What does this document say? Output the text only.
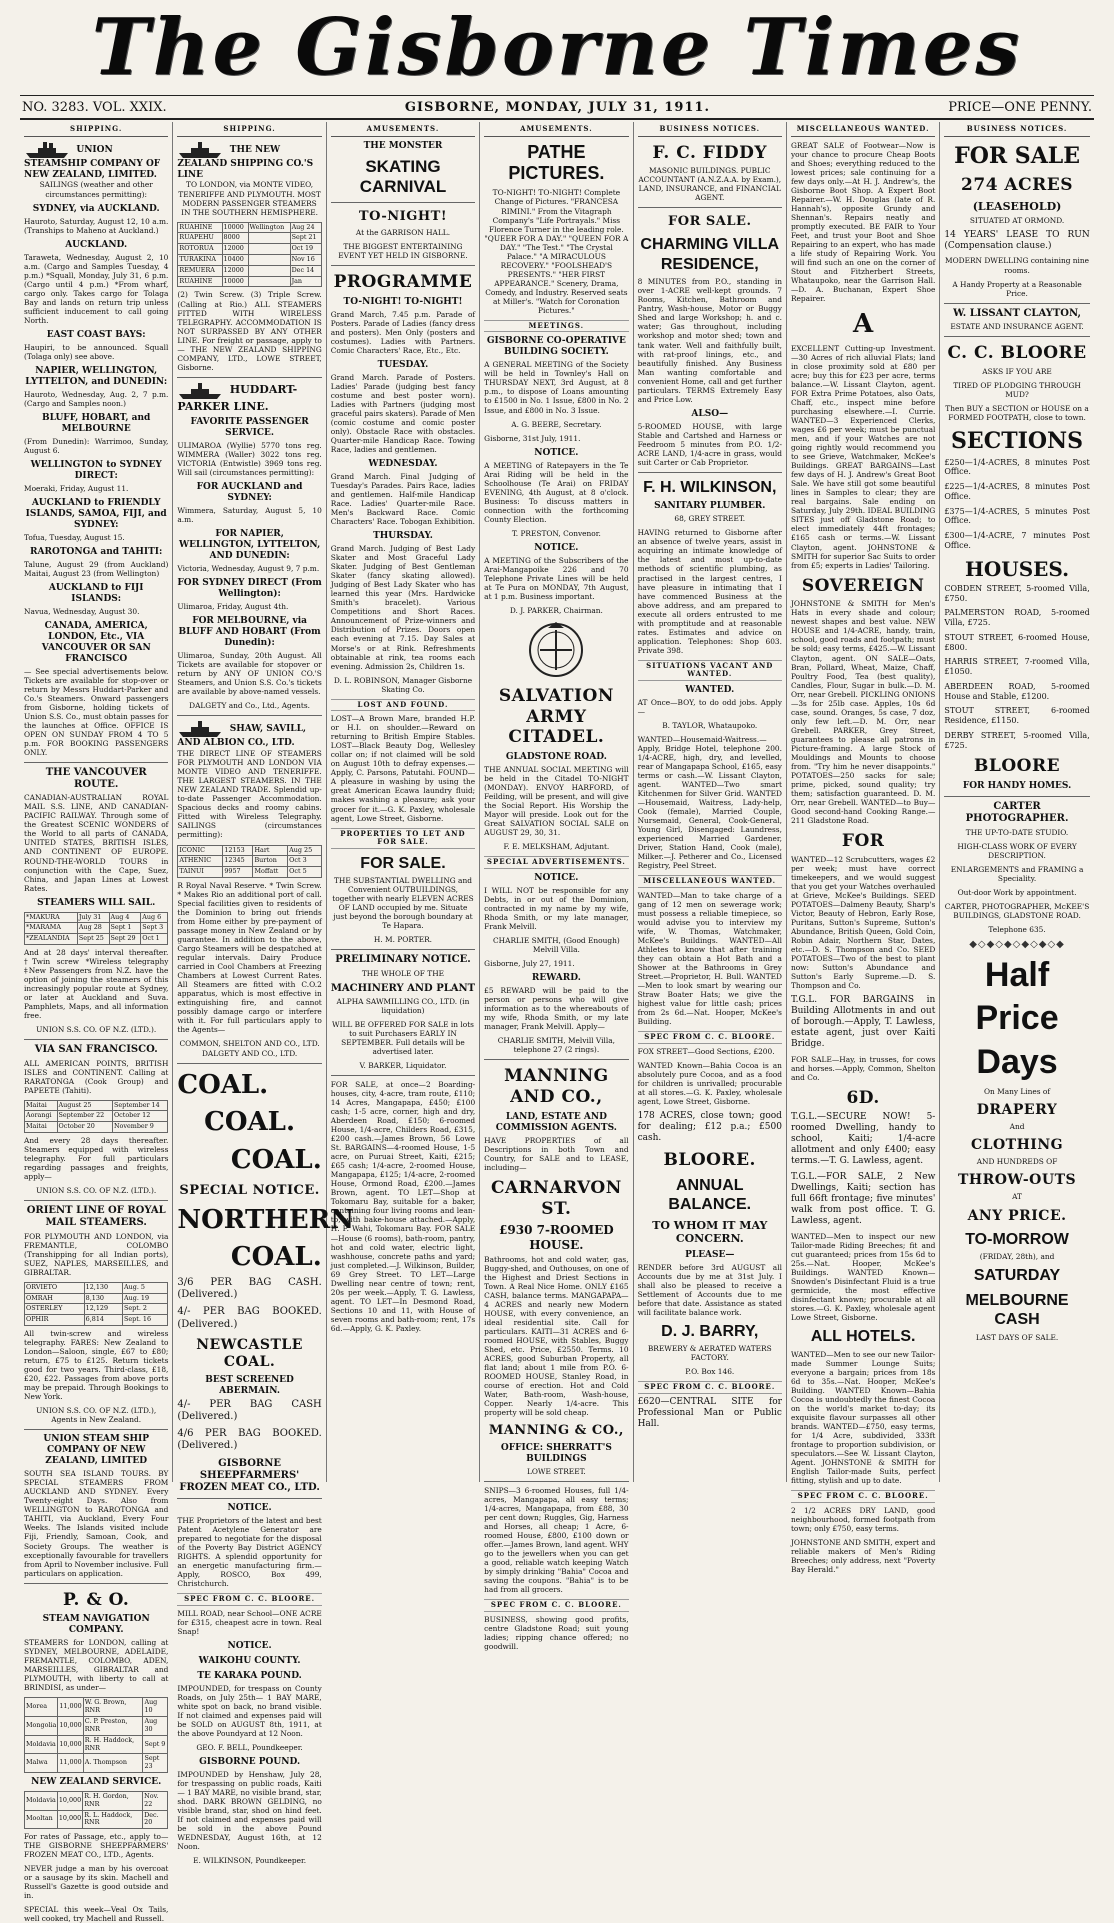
The Gisborne Times
NO. 3283. VOL. XXIX.	GISBORNE, MONDAY, JULY 31, 1911.	PRICE—ONE PENNY.
SHIPPING.
UNION STEAMSHIP COMPANY OF NEW ZEALAND, LIMITED.
SAILINGS (weather and other circumstances permitting):
SYDNEY, via AUCKLAND.
Hauroto, Saturday, August 12, 10 a.m. (Tranships to Maheno at Auckland.)
AUCKLAND.
Taraweta, Wednesday, August 2, 10 a.m. (Cargo and Samples Tuesday, 4 p.m.) *Squall, Monday, July 31, 6 p.m. (Cargo until 4 p.m.) *From wharf, cargo only. Takes cargo for Tolaga Bay and lands on return trip unless sufficient inducement to call going North.
EAST COAST BAYS:
Haupiri, to be announced. Squall (Tolaga only) see above.
NAPIER, WELLINGTON, LYTTELTON, and DUNEDIN:
Hauroto, Wednesday, Aug. 2, 7 p.m. (Cargo and Samples noon.)
BLUFF, HOBART, and MELBOURNE
(From Dunedin): Warrimoo, Sunday, August 6.
WELLINGTON to SYDNEY DIRECT:
Moeraki, Friday, August 11.
AUCKLAND to FRIENDLY ISLANDS, SAMOA, FIJI, and SYDNEY:
Tofua, Tuesday, August 15.
RAROTONGA and TAHITI:
Talune, August 29 (from Auckland) Maitai, August 23 (from Wellington)
AUCKLAND to FIJI ISLANDS:
Navua, Wednesday, August 30.
CANADA, AMERICA, LONDON, Etc., VIA VANCOUVER OR SAN FRANCISCO
— See special advertisements below. Tickets are available for stop-over or return by Messrs Huddart-Parker and Co.'s Steamers. Onward passengers from Gisborne, holding tickets of Union S.S. Co., must obtain passes for the launches at Office. OFFICE IS OPEN ON SUNDAY FROM 4 TO 5 p.m. FOR BOOKING PASSENGERS ONLY.
THE VANCOUVER ROUTE.
CANADIAN-AUSTRALIAN ROYAL MAIL S.S. LINE, AND CANADIAN-PACIFIC RAILWAY. Through some of the Greatest SCENIC WONDERS of the World to all parts of CANADA, UNITED STATES, BRITISH ISLES, AND CONTINENT OF EUROPE. ROUND-THE-WORLD TOURS in conjunction with the Cape, Suez, China, and Japan Lines at Lowest Rates.
STEAMERS WILL SAIL.
*MAKURA	July 31	Aug 4	Aug 6
*MARAMA	Aug 28	Sept 1	Sept 3
*ZEALANDIA	Sept 25	Sept 29	Oct 1
And at 28 days' interval thereafter. †Twin screw *Wireless telegraphy ‡New Passengers from N.Z. have the option of joining the steamers of this increasingly popular route at Sydney, or later at Auckland and Suva. Pamphlets, Maps, and all information free.
UNION S.S. CO. OF N.Z. (LTD.).
VIA SAN FRANCISCO.
ALL AMERICAN POINTS, BRITISH ISLES and CONTINENT. Calling at RARATONGA (Cook Group) and PAPEETE (Tahiti).
Maitai	August 25	September 14
Aorangi	September 22	October 12
Maitai	October 20	November 9
And every 28 days thereafter. Steamers equipped with wireless telegraphy. For full particulars regarding passages and freights, apply—
UNION S.S. CO. OF N.Z. (LTD.).
ORIENT LINE OF ROYAL MAIL STEAMERS.
FOR PLYMOUTH AND LONDON, via FREMANTLE, COLOMBO (Transhipping for all Indian ports), SUEZ, NAPLES, MARSEILLES, and GIBRALTAR.
ORVIETO	12,130	Aug. 5
OMRAH	8,130	Aug. 19
OSTERLEY	12,129	Sept. 2
OPHIR	6,814	Sept. 16
All twin-screw and wireless telegraphy. FARES: New Zealand to London—Saloon, single, £67 to £80; return, £75 to £125. Return tickets good for two years. Third-class, £18, £20, £22. Passages from above ports may be prepaid. Through Bookings to New York.
UNION S.S. CO. OF N.Z. (LTD.), Agents in New Zealand.
UNION STEAM SHIP COMPANY OF NEW ZEALAND, LIMITED
SOUTH SEA ISLAND TOURS. BY SPECIAL STEAMERS FROM AUCKLAND AND SYDNEY. Every Twenty-eight Days. Also from WELLINGTON to RAROTONGA and TAHITI, via Auckland, Every Four Weeks. The Islands visited include Fiji, Friendly, Samoan, Cook, and Society Groups. The weather is exceptionally favourable for travellers from April to November inclusive. Full particulars on application.
P. & O.
STEAM NAVIGATION COMPANY.
STEAMERS for LONDON, calling at SYDNEY, MELBOURNE, ADELAIDE, FREMANTLE, COLOMBO, ADEN, MARSEILLES, GIBRALTAR and PLYMOUTH, with liberty to call at BRINDISI, as under—
Morea	11,000	W. G. Brown, RNR	Aug 10
Mongolia	10,000	C. P. Preston, RNR	Aug 30
Moldavia	10,000	R. H. Haddock, RNR	Sept 9
Malwa	11,000	A. Thompson	Sept 23
NEW ZEALAND SERVICE.
Moldavia	10,000	R. H. Gordon, RNR	Nov. 22
Mooltan	10,000	R. L. Haddock, RNR	Dec. 20
For rates of Passage, etc., apply to— THE GISBORNE SHEEPFARMERS' FROZEN MEAT CO., LTD., Agents.
NEVER judge a man by his overcoat or a sausage by its skin. Machell and Russell's Gazette is good outside and in.
SPECIAL this week—Veal Ox Tails, well cooked, try Machell and Russell.
SHIPPING.
THE NEW ZEALAND SHIPPING CO.'S LINE
TO LONDON, via MONTE VIDEO, TENERIFFE AND PLYMOUTH. MOST MODERN PASSENGER STEAMERS IN THE SOUTHERN HEMISPHERE.
RUAHINE	10000	Wellington	Aug 24
RUAPEHU	8000		Sept 21
ROTORUA	12000		Oct 19
TURAKINA	10400		Nov 16
REMUERA	12000		Dec 14
RUAHINE	10000		Jan
(2) Twin Screw. (3) Triple Screw. (Calling at Rio.) ALL STEAMERS FITTED WITH WIRELESS TELEGRAPHY. ACCOMMODATION IS NOT SURPASSED BY ANY OTHER LINE. For freight or passage, apply to— THE NEW ZEALAND SHIPPING COMPANY, LTD., LOWE STREET, Gisborne.
HUDDART-PARKER LINE.
FAVORITE PASSENGER SERVICE.
ULIMAROA (Wyllie) 5770 tons reg. WIMMERA (Waller) 3022 tons reg. VICTORIA (Entwistle) 3969 tons reg. Will sail (circumstances permitting):
FOR AUCKLAND and SYDNEY:
Wimmera, Saturday, August 5, 10 a.m.
FOR NAPIER, WELLINGTON, LYTTELTON, AND DUNEDIN:
Victoria, Wednesday, August 9, 7 p.m.
FOR SYDNEY DIRECT (From Wellington):
Ulimaroa, Friday, August 4th.
FOR MELBOURNE, via BLUFF AND HOBART (From Dunedin):
Ulimaroa, Sunday, 20th August. All Tickets are available for stopover or return by ANY OF UNION CO.'S Steamers, and Union S.S. Co.'s tickets are available by above-named vessels.
DALGETY and Co., Ltd., Agents.
SHAW, SAVILL, AND ALBION CO., LTD.
THE DIRECT LINE OF STEAMERS FOR PLYMOUTH AND LONDON VIA MONTE VIDEO AND TENERIFFE. THE LARGEST STEAMERS. IN THE NEW ZEALAND TRADE. Splendid up-to-date Passenger Accommodation. Spacious decks and roomy cabins. Fitted with Wireless Telegraphy. SAILINGS (circumstances permitting):
ICONIC	12153	Hart	Aug 25
ATHENIC	12345	Burton	Oct 3
TAINUI	9957	Moffatt	Oct 5
R Royal Naval Reserve. * Twin Screw. * Makes Rio an additional port of call. Special facilities given to residents of the Dominion to bring out friends from Home either by pre-payment of passage money in New Zealand or by guarantee. In addition to the above, Cargo Steamers will be despatched at regular intervals. Dairy Produce carried in Cool Chambers at Freezing Chambers at Lowest Current Rates. All Steamers are fitted with C.O.2 apparatus, which is most effective in extinguishing fire, and cannot possibly damage cargo or interfere with it. For full particulars apply to the Agents—
COMMON, SHELTON AND CO., LTD. DALGETY AND CO., LTD.
COAL.
COAL.
COAL.
SPECIAL NOTICE.
NORTHERN
COAL.
3/6 PER BAG CASH. (Delivered.)
4/- PER BAG BOOKED. (Delivered.)
NEWCASTLE COAL.
BEST SCREENED ABERMAIN.
4/- PER BAG CASH (Delivered.)
4/6 PER BAG BOOKED. (Delivered.)
GISBORNE SHEEPFARMERS' FROZEN MEAT CO., LTD.
NOTICE.
THE Proprietors of the latest and best Patent Acetylene Generator are prepared to negotiate for the disposal of the Poverty Bay District AGENCY RIGHTS. A splendid opportunity for an energetic manufacturing firm.—Apply, ROSCO, Box 499, Christchurch.
SPEC FROM C. C. BLOORE.
MILL ROAD, near School—ONE ACRE for £315, cheapest acre in town. Real Snap!
NOTICE.
WAIKOHU COUNTY.
TE KARAKA POUND.
IMPOUNDED, for trespass on County Roads, on July 25th— 1 BAY MARE, white spot on back, no brand visible. If not claimed and expenses paid will be SOLD on AUGUST 8th, 1911, at the above Poundyard at 12 Noon.
GEO. F. BELL, Poundkeeper.
GISBORNE POUND.
IMPOUNDED by Henshaw, July 28, for trespassing on public roads, Kaiti— 1 BAY MARE, no visible brand, star, shod. DARK BROWN GELDING, no visible brand, star, shod on hind feet. If not claimed and expenses paid will be sold in the above Pound WEDNESDAY, August 16th, at 12 Noon.
E. WILKINSON, Poundkeeper.
AMUSEMENTS.
THE MONSTER
SKATING CARNIVAL
TO-NIGHT!
At the GARRISON HALL.
THE BIGGEST ENTERTAINING EVENT YET HELD IN GISBORNE.
PROGRAMME
TO-NIGHT! TO-NIGHT!
Grand March, 7.45 p.m. Parade of Posters. Parade of Ladies (fancy dress and posters). Men Only (posters and costumes). Ladies with Partners. Comic Characters' Race, Etc., Etc.
TUESDAY.
Grand March. Parade of Posters. Ladies' Parade (judging best fancy costume and best poster worn). Ladies with Partners (judging most graceful pairs skaters). Parade of Men (comic costume and comic poster only). Obstacle Race with obstacles. Quarter-mile Handicap Race. Towing Race, ladies and gentlemen.
WEDNESDAY.
Grand March. Final Judging of Tuesday's Parades. Pairs Race, ladies and gentlemen. Half-mile Handicap Race. Ladies' Quarter-mile Race. Men's Backward Race. Comic Characters' Race. Tobogan Exhibition.
THURSDAY.
Grand March. Judging of Best Lady Skater and Most Graceful Lady Skater. Judging of Best Gentleman Skater (fancy skating allowed). Judging of Best Lady Skater who has learned this year (Mrs. Hardwicke Smith's bracelet). Various Competitions and Short Races. Announcement of Prize-winners and Distribution of Prizes. Doors open each evening at 7.15. Day Sales at Morse's or at Rink. Refreshments obtainable at rink, tea rooms each evening. Admission 2s, Children 1s.
D. L. ROBINSON, Manager Gisborne Skating Co.
LOST AND FOUND.
LOST—A Brown Mare, branded H.P. or H.I. on shoulder.—Reward on returning to British Empire Stables. LOST—Black Beauty Dog, Wellesley collar on; if not claimed will be sold on August 10th to defray expenses.—Apply, C. Parsons, Patutahi. FOUND—A pleasure in washing by using the great American Ecawa laundry fluid; makes washing a pleasure; ask your grocer for it.—G. K. Paxley, wholesale agent, Lowe Street, Gisborne.
PROPERTIES TO LET AND FOR SALE.
FOR SALE.
THE SUBSTANTIAL DWELLING and Convenient OUTBUILDINGS, together with nearly ELEVEN ACRES OF LAND occupied by me. Situate just beyond the borough boundary at Te Hapara.
H. M. PORTER.
PRELIMINARY NOTICE.
THE WHOLE OF THE
MACHINERY AND PLANT
ALPHA SAWMILLING CO., LTD. (in liquidation)
WILL BE OFFERED FOR SALE in lots to suit Purchasers EARLY IN SEPTEMBER. Full details will be advertised later.
V. BARKER, Liquidator.
FOR SALE, at once—2 Boarding-houses, city, 4-acre, tram route, £110; 14 Acres, Mangapapa, £450; £100 cash; 1-5 acre, corner, high and dry, Aberdeen Road, £150; 6-roomed House, 1/4-acre, Childers Road, £315, £200 cash.—James Brown, 56 Lowe St. BARGAINS—4-roomed House, 1-5 acre, on Puruai Street, Kaiti, £215; £65 cash; 1/4-acre, 2-roomed House, Mangapapa, £125; 1/4-acre, 2-roomed House, Ormond Road, £200.—James Brown, agent. TO LET—Shop at Tokomaru Bay, suitable for a baker, containing four living rooms and lean-to, with bake-house attached.—Apply, H. F. Wahi, Tokomaru Bay. FOR SALE—House (6 rooms), bath-room, pantry, hot and cold water, electric light, washhouse, concrete paths and yard; just completed.—J. Wilkinson, Builder, 69 Grey Street. TO LET—Large Dwelling near centre of town; rent, 20s per week.—Apply, T. G. Lawless, agent. TO LET—In Desmond Road, Sections 10 and 11, with House of seven rooms and bath-room; rent, 17s 6d.—Apply, G. K. Paxley.
AMUSEMENTS.
PATHE PICTURES.
TO-NIGHT! TO-NIGHT! Complete Change of Pictures. "FRANCESA RIMINI." From the Vitagraph Company's "Life Portrayals." Miss Florence Turner in the leading role. "QUEER FOR A DAY." "QUEEN FOR A DAY." "The Test." "The Crystal Palace." "A MIRACULOUS RECOVERY." "FOOLSHEAD'S PRESENTS." "HER FIRST APPEARANCE." Scenery, Drama, Comedy, and Industry. Reserved seats at Miller's. "Watch for Coronation Pictures."
MEETINGS.
GISBORNE CO-OPERATIVE BUILDING SOCIETY.
A GENERAL MEETING of the Society will be held in Townley's Hall on THURSDAY NEXT, 3rd August, at 8 p.m., to dispose of Loans amounting to £1500 in No. 1 Issue, £800 in No. 2 Issue, and £800 in No. 3 Issue.
A. G. BEERE, Secretary.
Gisborne, 31st July, 1911.
NOTICE.
A MEETING of Ratepayers in the Te Arai Riding will be held in the Schoolhouse (Te Arai) on FRIDAY EVENING, 4th August, at 8 o'clock. Business: To discuss matters in connection with the forthcoming County Election.
T. PRESTON, Convenor.
NOTICE.
A MEETING of the Subscribers of the Arai-Mangapoike 226 and 70 Telephone Private Lines will be held at Te Pura on MONDAY, 7th August, at 1 p.m. Business important.
D. J. PARKER, Chairman.
SALVATION ARMY CITADEL.
GLADSTONE ROAD.
THE ANNUAL SOCIAL MEETING will be held in the Citadel TO-NIGHT (MONDAY). ENVOY HARFORD, of Feilding, will be present, and will give the Social Report. His Worship the Mayor will preside. Look out for the Great SALVATION SOCIAL SALE on AUGUST 29, 30, 31.
F. E. MELKSHAM, Adjutant.
SPECIAL ADVERTISEMENTS.
NOTICE.
I WILL NOT be responsible for any Debts, in or out of the Dominion, contracted in my name by my wife, Rhoda Smith, or my late manager, Frank Melvill.
CHARLIE SMITH, (Good Enough) Melvill Villa.
Gisborne, July 27, 1911.
REWARD.
£5 REWARD will be paid to the person or persons who will give information as to the whereabouts of my wife, Rhoda Smith, or my late manager, Frank Melvill. Apply—
CHARLIE SMITH, Melvill Villa, telephone 27 (2 rings).
MANNING AND CO.,
LAND, ESTATE AND COMMISSION AGENTS.
HAVE PROPERTIES of all Descriptions in both Town and Country, for SALE and to LEASE, including—
CARNARVON ST.
£930 7-ROOMED HOUSE.
Bathrooms, hot and cold water, gas, Buggy-shed, and Outhouses, on one of the Highest and Driest Sections in Town. A Real Nice Home. ONLY £165 CASH, balance terms. MANGAPAPA—4 ACRES and nearly new Modern HOUSE, with every convenience, an ideal residential site. Call for particulars. KAITI—31 ACRES and 6-roomed HOUSE, with Stables, Buggy Shed, etc. Price, £2550. Terms. 10 ACRES, good Suburban Property, all flat land; about 1 mile from P.O. 6-ROOMED HOUSE, Stanley Road, in course of erection. Hot and Cold Water, Bath-room, Wash-house, Copper. Nearly 1/4-acre. This property will be sold cheap.
MANNING & CO.,
OFFICE: SHERRATT'S BUILDINGS
LOWE STREET.
SNIPS—3 6-roomed Houses, full 1/4-acres, Mangapapa, all easy terms; 1/4-acres, Mangapapa, from £88, 30 per cent down; Ruggles, Gig, Harness and Horses, all cheap; 1 Acre, 6-roomed House, £800, £100 down or offer.—James Brown, land agent. WHY go to the jewellers when you can get a good, reliable watch keeping Watch by simply drinking "Bahia" Cocoa and saving the coupons. "Bahia" is to be had from all grocers.
SPEC FROM C. C. BLOORE.
BUSINESS, showing good profits, centre Gladstone Road; suit young ladies; ripping chance offered; no goodwill.
BUSINESS NOTICES.
F. C. FIDDY
MASONIC BUILDINGS. PUBLIC ACCOUNTANT (A.N.Z.A.A. by Exam.), LAND, INSURANCE, and FINANCIAL AGENT.
FOR SALE.
CHARMING VILLA RESIDENCE,
8 MINUTES from P.O., standing in over 1-ACRE well-kept grounds. 7 Rooms, Kitchen, Bathroom and Pantry, Wash-house, Motor or Buggy Shed and large Workshop; h. and c. water; Gas throughout, including workshop and motor shed; town and tank water. Well and faithfully built, with rat-proof linings, etc., and beautifully finished. Any Business Man wanting comfortable and convenient Home, call and get further particulars. TERMS Extremely Easy and Price Low.
ALSO—
5-ROOMED HOUSE, with large Stable and Cartshed and Harness or Feedroom 5 minutes from P.O. 1/2-ACRE LAND, 1/4-acre in grass, would suit Carter or Cab Proprietor.
F. H. WILKINSON,
SANITARY PLUMBER.
68, GREY STREET.
HAVING returned to Gisborne after an absence of twelve years, assist in acquiring an intimate knowledge of the latest and most up-to-date methods of scientific plumbing, as practised in the largest centres, I have pleasure in intimating that I have commenced Business at the above address, and am prepared to execute all orders entrusted to me with promptitude and at reasonable rates. Estimates and advice on application. Telephones: Shop 603. Private 398.
SITUATIONS VACANT AND WANTED.
WANTED.
AT Once—BOY, to do odd jobs. Apply—
B. TAYLOR, Whataupoko.
WANTED—Housemaid-Waitress.—Apply, Bridge Hotel, telephone 200. 1/4-ACRE, high, dry, and levelled, rear of Mangapapa School, £165, easy terms or cash.—W. Lissant Clayton, agent. WANTED—Two smart Kitchenmen for Silver Grid. WANTED—Housemaid, Waitress, Lady-help, Cook (female), Married Couple, Nursemaid, General, Cook-General, Young Girl, Disengaged: Laundress, experienced Married Gardener, Driver, Station Hand, Cook (male), Milker.—J. Petherer and Co., Licensed Registry, Peel Street.
MISCELLANEOUS WANTED.
WANTED—Man to take charge of a gang of 12 men on sewerage work; must possess a reliable timepiece, so would advise you to interview my wife, W. Thomas, Watchmaker, McKee's Buildings. WANTED—All Athletes to know that after training they can obtain a Hot Bath and a Shower at the Bathrooms in Grey Street.—Proprietor, H. Bull. WANTED—Men to look smart by wearing our Straw Boater Hats; we give the highest value for little cash; prices from 2s 6d.—Nat. Hooper, McKee's Building.
SPEC FROM C. C. BLOORE.
FOX STREET—Good Sections, £200.
WANTED Known—Bahia Cocoa is an absolutely pure Cocoa, and as a food for children is unrivalled; procurable at all stores.—G. K. Paxley, wholesale agent, Lowe Street, Gisborne.
178 ACRES, close town; good for dealing; £12 p.a.; £500 cash.
BLOORE.
ANNUAL BALANCE.
TO WHOM IT MAY CONCERN.
PLEASE—
RENDER before 3rd AUGUST all Accounts due by me at 31st July. I shall also be pleased to receive a Settlement of Accounts due to me before that date. Assistance as stated will facilitate balance work.
D. J. BARRY,
BREWERY & AERATED WATERS FACTORY.
P.O. Box 146.
SPEC FROM C. C. BLOORE.
£620—CENTRAL SITE for Professional Man or Public Hall.
MISCELLANEOUS WANTED.
GREAT SALE of Footwear—Now is your chance to procure Cheap Boots and Shoes; everything reduced to the lowest prices; sale continuing for a few days only.—At H. J. Andrew's, the Gisborne Boot Shop. A Expert Boot Repairer.—W. H. Douglas (late of R. Hannah's), opposite Grundy and Shennan's. Repairs neatly and promptly executed. BE FAIR to Your Feet, and trust your Boot and Shoe Repairing to an expert, who has made a life study of Repairing Work. You will find such an one on the corner of Stout and Fitzherbert Streets, Whataupoko, near the Garrison Hall.—D. A. Buchanan, Expert Shoe Repairer.
A
EXCELLENT Cutting-up Investment.—30 Acres of rich alluvial Flats; land in close proximity sold at £80 per acre; buy this for £23 per acre, terms balance.—W. Lissant Clayton, agent. FOR Extra Prime Potatoes, also Oats, Chaff, etc., inspect mine before purchasing elsewhere.—I. Currie. WANTED—3 Experienced Clerks, wages £6 per week; must be punctual men, and if your Watches are not going rightly would recommend you to see Grieve, Watchmaker, McKee's Buildings. GREAT BARGAINS—Last few days of H. J. Andrew's Great Boot Sale. We have still got some beautiful lines in Samples to clear; they are real bargains. Sale ending on Saturday, July 29th. IDEAL BUILDING SITES just off Gladstone Road; to elect immediately 44ft frontages; £165 cash or terms.—W. Lissant Clayton, agent. JOHNSTONE & SMITH for superior Sac Suits to order from £5; experts in Ladies' Tailoring.
SOVEREIGN
JOHNSTONE & SMITH for Men's Hats in every shade and colour; newest shapes and best value. NEW HOUSE and 1/4-ACRE, handy, train, school, good roads and footpath; must be sold; easy terms, £425.—W. Lissant Clayton, agent. ON SALE—Oats, Bran, Pollard, Wheat, Maize, Chaff, Poultry Food, Tea (best quality), Candles, Flour, Sugar in bulk.—D. M. Orr, near Grebell. PICKLING ONIONS—3s for 25lb case. Apples, 10s 6d case, sound. Oranges, 5s case, 7 doz, only few left.—D. M. Orr, near Grebell. PARKER, Grey Street, guarantees to please all patrons in Picture-framing. A large Stock of Mouldings and Mounts to choose from. "Try him he never disappoints." POTATOES—250 sacks for sale; prime, picked, sound quality; try them; satisfaction guaranteed. D. M. Orr, near Grebell. WANTED—to Buy—Good second-hand Cooking Range.—211 Gladstone Road.
FOR
WANTED—12 Scrubcutters, wages £2 per week; must have correct timekeepers, and we would suggest that you get your Watches overhauled at Grieve, McKee's Buildings. SEED POTATOES—Dalmeny Beauty, Sharp's Victor, Beauty of Hebron, Early Rose, Puritans, Sutton's Supreme, Sutton's Abundance, British Queen, Gold Coin, Robin Adair, Northern Star, Dates, etc.—D. S. Thompson and Co. SEED POTATOES—Two of the best to plant now: Sutton's Abundance and Sutton's Early Supreme.—D. S. Thompson and Co.
T.G.L. FOR BARGAINS in Building Allotments in and out of borough.—Apply, T. Lawless, estate agent, just over Kaiti Bridge.
FOR SALE—Hay, in trusses, for cows and horses.—Apply, Common, Shelton and Co.
6D.
T.G.L.—SECURE NOW! 5-roomed Dwelling, handy to school, Kaiti; 1/4-acre allotment and only £400; easy terms.—T. G. Lawless, agent.
T.G.L.—FOR SALE, 2 New Dwellings, Kaiti; section has full 66ft frontage; five minutes' walk from post office. T. G. Lawless, agent.
WANTED—Men to inspect our new Tailor-made Riding Breeches; fit and cut guaranteed; prices from 15s 6d to 25s.—Nat. Hooper, McKee's Buildings. WANTED Known—Snowden's Disinfectant Fluid is a true germicide, the most effective disinfectant known; procurable at all stores.—G. K. Paxley, wholesale agent Lowe Street, Gisborne.
ALL HOTELS.
WANTED—Men to see our new Tailor-made Summer Lounge Suits; everyone a bargain; prices from 18s 6d to 35s.—Nat. Hooper, McKee's Building. WANTED Known—Bahia Cocoa is undoubtedly the finest Cocoa on the world's market to-day; its exquisite flavour surpasses all other brands. WANTED—£750, easy terms, for 1/4 Acre, subdivided, 333ft frontage to proportion subdivision, or speculators.—See W. Lissant Clayton, Agent. JOHNSTONE & SMITH for English Tailor-made Suits, perfect fitting, stylish and up to date.
SPEC FROM C. C. BLOORE.
2 1/2 ACRES DRY LAND, good neighbourhood, formed footpath from town; only £750, easy terms.
JOHNSTONE AND SMITH, expert and reliable makers of Men's Riding Breeches; only address, next "Poverty Bay Herald."
BUSINESS NOTICES.
FOR SALE
274 ACRES
(LEASEHOLD)
SITUATED AT ORMOND.
14 YEARS' LEASE TO RUN (Compensation clause.)
MODERN DWELLING containing nine rooms.
A Handy Property at a Reasonable Price.
W. LISSANT CLAYTON,
ESTATE AND INSURANCE AGENT.
C. C. BLOORE
ASKS IF YOU ARE
TIRED OF PLODGING THROUGH MUD?
Then BUY a SECTION or HOUSE on a FORMED FOOTPATH, close to town.
SECTIONS
£250—1/4-ACRES, 8 minutes Post Office.
£225—1/4-ACRES, 8 minutes Post Office.
£375—1/4-ACRES, 5 minutes Post Office.
£300—1/4-ACRE, 7 minutes Post Office.
HOUSES.
COBDEN STREET, 5-roomed Villa, £750.
PALMERSTON ROAD, 5-roomed Villa, £725.
STOUT STREET, 6-roomed House, £800.
HARRIS STREET, 7-roomed Villa, £1050.
ABERDEEN ROAD, 5-roomed House and Stable, £1200.
STOUT STREET, 6-roomed Residence, £1150.
DERBY STREET, 5-roomed Villa, £725.
BLOORE
FOR HANDY HOMES.
CARTER PHOTOGRAPHER.
THE UP-TO-DATE STUDIO.
HIGH-CLASS WORK OF EVERY DESCRIPTION.
ENLARGEMENTS and FRAMING a Speciality.
Out-door Work by appointment.
CARTER, PHOTOGRAPHER, McKEE'S BUILDINGS, GLADSTONE ROAD.
Telephone 635.
◆◇◆◇◆◇◆◇◆◇◆
Half
Price
Days
On Many Lines of
DRAPERY
And
CLOTHING
AND HUNDREDS OF
THROW-OUTS
AT
ANY PRICE.
TO-MORROW
(FRIDAY, 28th), and
SATURDAY
MELBOURNE CASH
LAST DAYS OF SALE.
